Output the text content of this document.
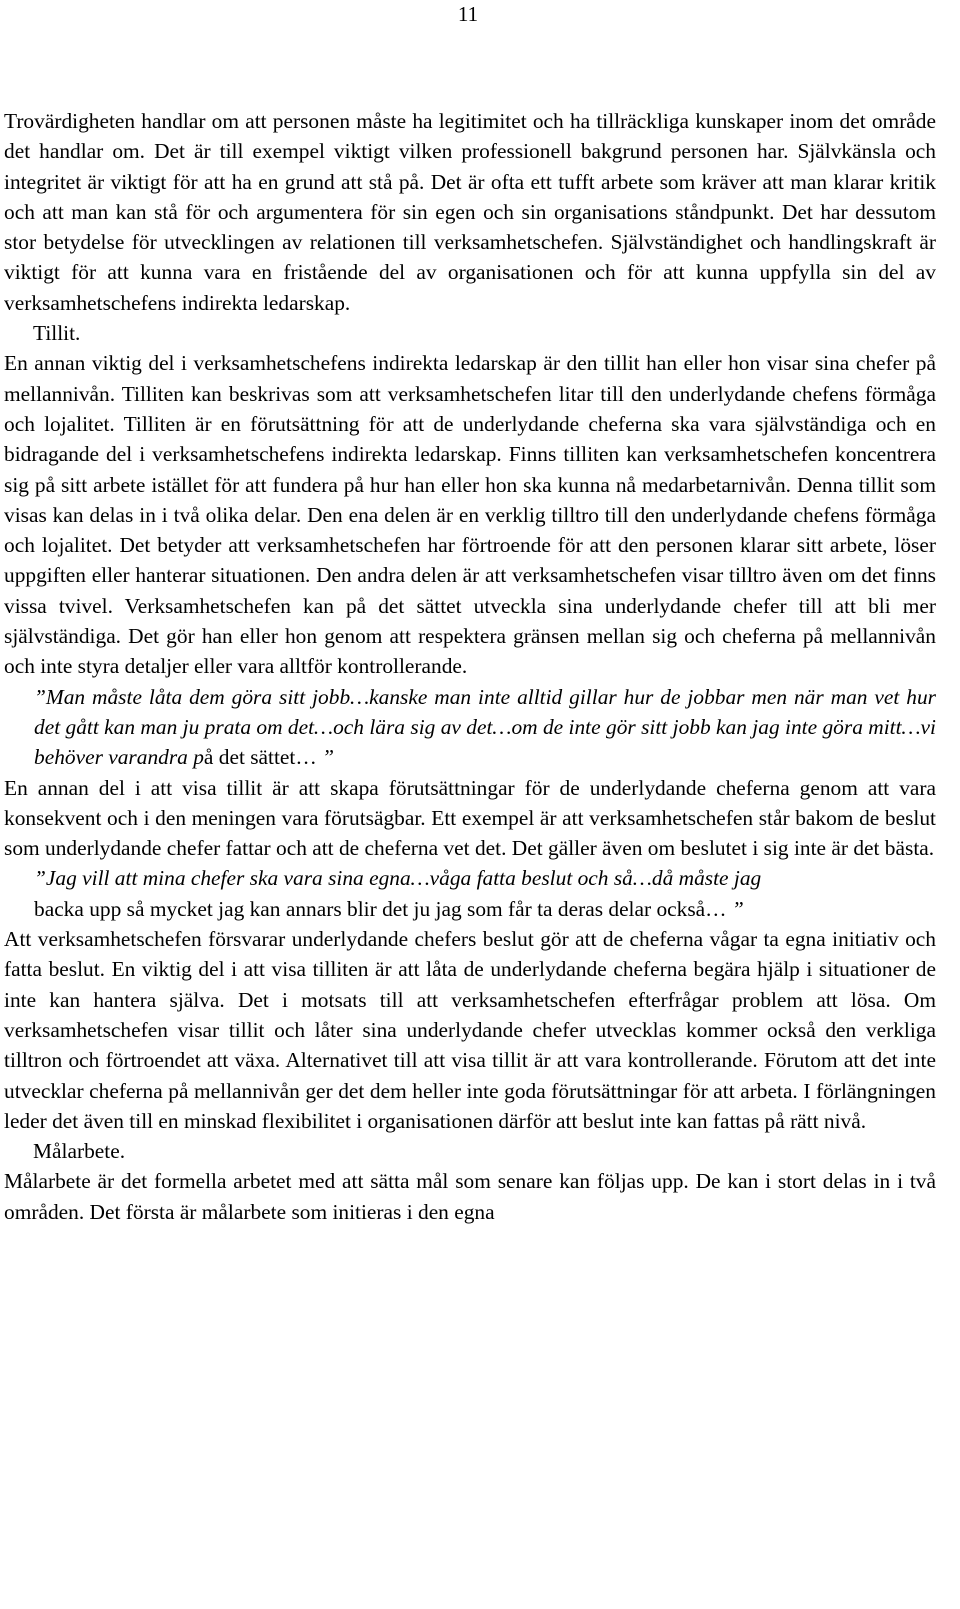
11

Trovärdigheten handlar om att personen måste ha legitimitet och ha tillräckliga kunskaper inom det område det handlar om. Det är till exempel viktigt vilken professionell bakgrund personen har. Självkänsla och integritet är viktigt för att ha en grund att stå på. Det är ofta ett tufft arbete som kräver att man klarar kritik och att man kan stå för och argumentera för sin egen och sin organisations ståndpunkt. Det har dessutom stor betydelse för utvecklingen av relationen till verksamhetschefen. Självständighet och handlingskraft är viktigt för att kunna vara en fristående del av organisationen och för att kunna uppfylla sin del av verksamhetschefens indirekta ledarskap.

Tillit.

En annan viktig del i verksamhetschefens indirekta ledarskap är den tillit han eller hon visar sina chefer på mellannivån. Tilliten kan beskrivas som att verksamhetschefen litar till den underlydande chefens förmåga och lojalitet. Tilliten är en förutsättning för att de underlydande cheferna ska vara självständiga och en bidragande del i verksamhetschefens indirekta ledarskap. Finns tilliten kan verksamhetschefen koncentrera sig på sitt arbete istället för att fundera på hur han eller hon ska kunna nå medarbetarnivån. Denna tillit som visas kan delas in i två olika delar. Den ena delen är en verklig tilltro till den underlydande chefens förmåga och lojalitet. Det betyder att verksamhetschefen har förtroende för att den personen klarar sitt arbete, löser uppgiften eller hanterar situationen. Den andra delen är att verksamhetschefen visar tilltro även om det finns vissa tvivel. Verksamhetschefen kan på det sättet utveckla sina underlydande chefer till att bli mer självständiga. Det gör han eller hon genom att respektera gränsen mellan sig och cheferna på mellannivån och inte styra detaljer eller vara alltför kontrollerande.

”Man måste låta dem göra sitt jobb…kanske man inte alltid gillar hur de jobbar men när man vet hur det gått kan man ju prata om det…och lära sig av det…om de inte gör sitt jobb kan jag inte göra mitt…vi behöver varandra på det sättet… ”

En annan del i att visa tillit är att skapa förutsättningar för de underlydande cheferna genom att vara konsekvent och i den meningen vara förutsägbar. Ett exempel är att verksamhetschefen står bakom de beslut som underlydande chefer fattar och att de cheferna vet det. Det gäller även om beslutet i sig inte är det bästa.

”Jag vill att mina chefer ska vara sina egna…våga fatta beslut och så…då måste jag
backa upp så mycket jag kan annars blir det ju jag som får ta deras delar också… ”

Att verksamhetschefen försvarar underlydande chefers beslut gör att de cheferna vågar ta egna initiativ och fatta beslut. En viktig del i att visa tilliten är att låta de underlydande cheferna begära hjälp i situationer de inte kan hantera själva. Det i motsats till att verksamhetschefen efterfrågar problem att lösa. Om verksamhetschefen visar tillit och låter sina underlydande chefer utvecklas kommer också den verkliga tilltron och förtroendet att växa. Alternativet till att visa tillit är att vara kontrollerande. Förutom att det inte utvecklar cheferna på mellannivån ger det dem heller inte goda förutsättningar för att arbeta. I förlängningen leder det även till en minskad flexibilitet i organisationen därför att beslut inte kan fattas på rätt nivå.

Målarbete.

Målarbete är det formella arbetet med att sätta mål som senare kan följas upp. De kan i stort delas in i två områden. Det första är målarbete som initieras i den egna
